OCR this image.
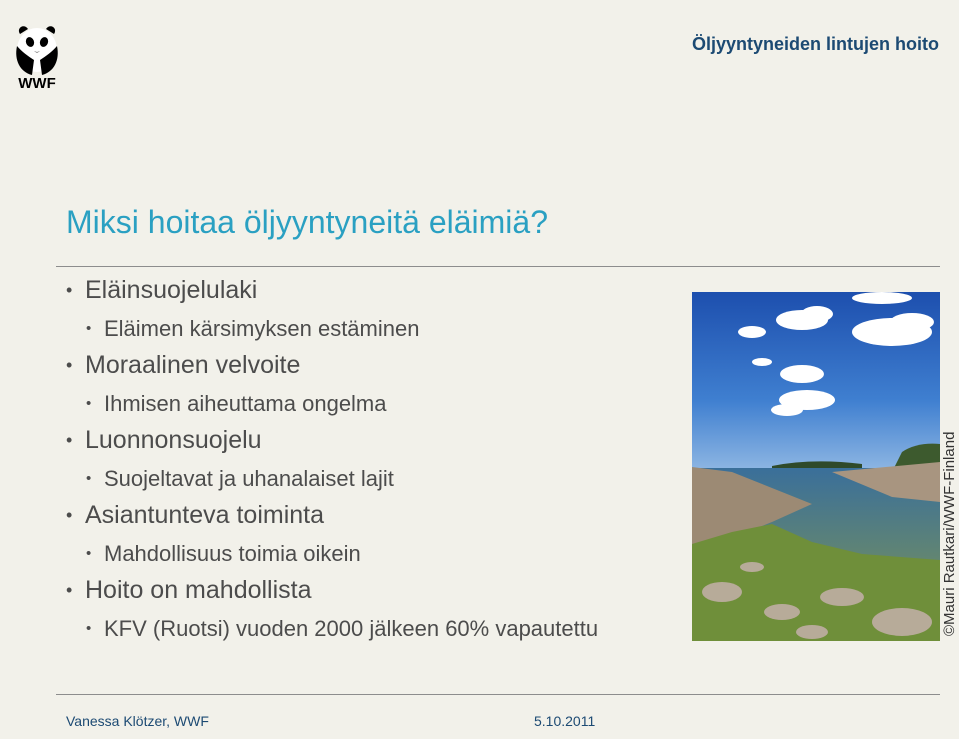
WWF
Öljyyntyneiden lintujen hoito
Miksi hoitaa öljyyntyneitä eläimiä?
• Eläinsuojelulaki
• Eläimen kärsimyksen estäminen
• Moraalinen velvoite
• Ihmisen aiheuttama ongelma
• Luonnonsuojelu
• Suojeltavat ja uhanalaiset lajit
• Asiantunteva toiminta
• Mahdollisuus toimia oikein
• Hoito on mahdollista
• KFV (Ruotsi) vuoden 2000 jälkeen 60% vapautettu	©Mauri Rautkari/WWF-Finland
Vanessa Klötzer, WWF	5.10.2011
